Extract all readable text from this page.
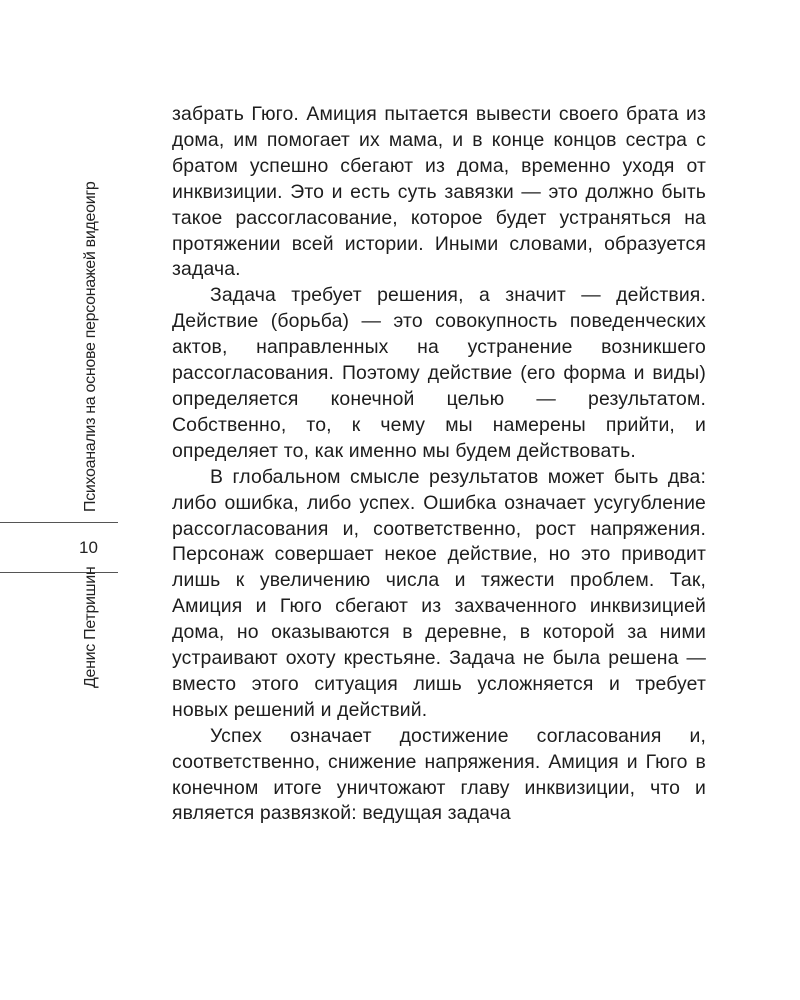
Психоанализ на основе персонажей видеоигр
10
Денис Петришин

забрать Гюго. Амиция пытается вывести своего брата из дома, им помогает их мама, и в конце концов сестра с братом успешно сбегают из дома, временно уходя от инквизиции. Это и есть суть завязки — это должно быть такое рассогласование, которое будет устраняться на протяжении всей истории. Иными словами, образуется задача.

Задача требует решения, а значит — действия. Действие (борьба) — это совокупность поведенческих актов, направленных на устранение возникшего рассогласования. Поэтому действие (его форма и виды) определяется конечной целью — результатом. Собственно, то, к чему мы намерены прийти, и определяет то, как именно мы будем действовать.

В глобальном смысле результатов может быть два: либо ошибка, либо успех. Ошибка означает усугубление рассогласования и, соответственно, рост напряжения. Персонаж совершает некое действие, но это приводит лишь к увеличению числа и тяжести проблем. Так, Амиция и Гюго сбегают из захваченного инквизицией дома, но оказываются в деревне, в которой за ними устраивают охоту крестьяне. Задача не была решена — вместо этого ситуация лишь усложняется и требует новых решений и действий.

Успех означает достижение согласования и, соответственно, снижение напряжения. Амиция и Гюго в конечном итоге уничтожают главу инквизиции, что и является развязкой: ведущая задача
